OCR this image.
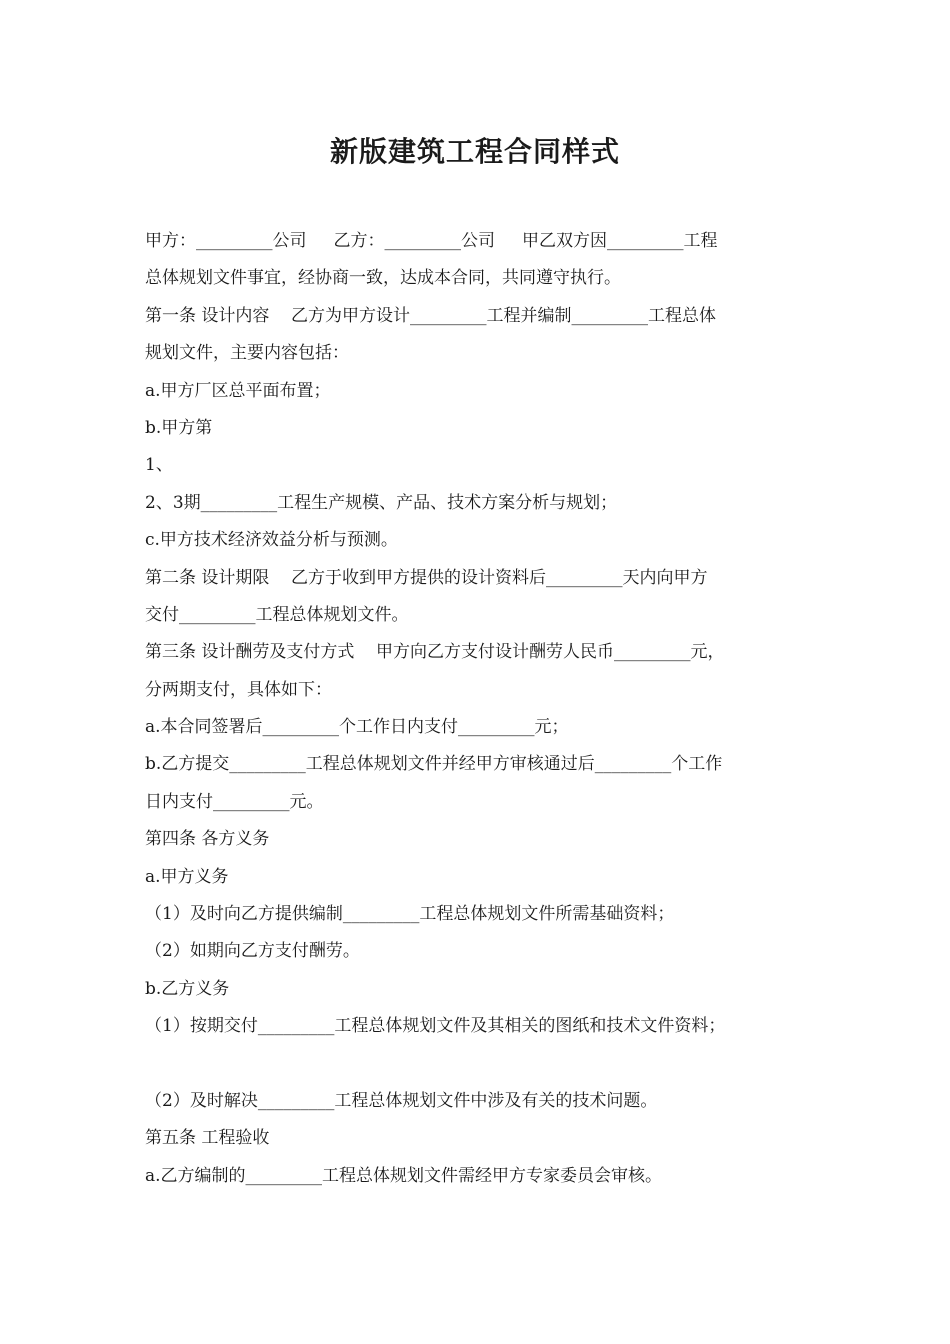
新版建筑工程合同样式
甲方：_________公司     乙方：_________公司     甲乙双方因_________工程
总体规划文件事宜，经协商一致，达成本合同，共同遵守执行。
第一条 设计内容    乙方为甲方设计_________工程并编制_________工程总体
规划文件，主要内容包括：
a.甲方厂区总平面布置；
b.甲方第
1、
2、3期_________工程生产规模、产品、技术方案分析与规划；
c.甲方技术经济效益分析与预测。
第二条 设计期限    乙方于收到甲方提供的设计资料后_________天内向甲方
交付_________工程总体规划文件。
第三条 设计酬劳及支付方式    甲方向乙方支付设计酬劳人民币_________元，
分两期支付，具体如下：
a.本合同签署后_________个工作日内支付_________元；
b.乙方提交_________工程总体规划文件并经甲方审核通过后_________个工作
日内支付_________元。
第四条 各方义务
a.甲方义务
（1）及时向乙方提供编制_________工程总体规划文件所需基础资料；
（2）如期向乙方支付酬劳。
b.乙方义务
（1）按期交付_________工程总体规划文件及其相关的图纸和技术文件资料；
（2）及时解决_________工程总体规划文件中涉及有关的技术问题。
第五条 工程验收
a.乙方编制的_________工程总体规划文件需经甲方专家委员会审核。
